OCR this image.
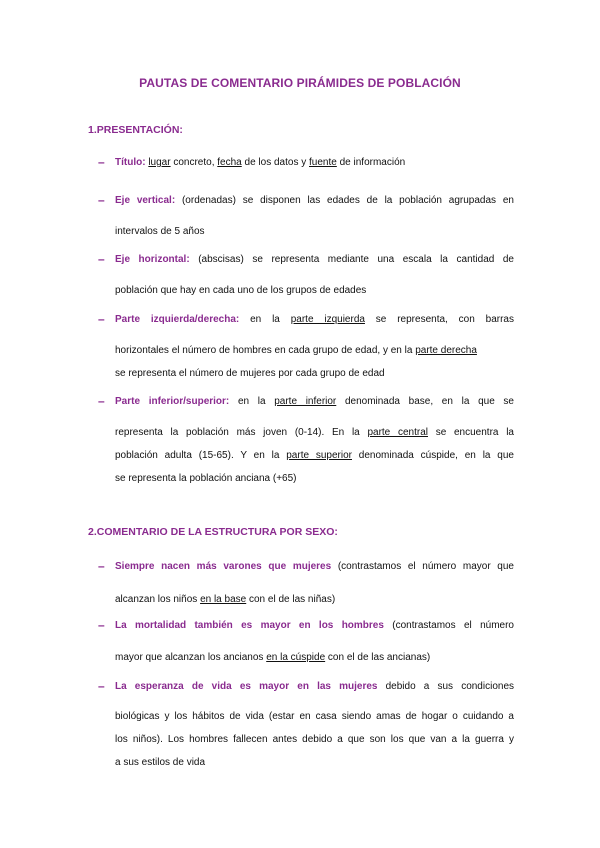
PAUTAS DE COMENTARIO PIRÁMIDES DE POBLACIÓN
1.PRESENTACIÓN:
– Título: lugar concreto, fecha de los datos y fuente de información
– Eje vertical: (ordenadas) se disponen las edades de la población agrupadas en
intervalos de 5 años
– Eje horizontal: (abscisas) se representa mediante una escala la cantidad de
población que hay en cada uno de los grupos de edades
– Parte izquierda/derecha: en la parte izquierda se representa, con barras
horizontales el número de hombres en cada grupo de edad, y en la parte derecha
se representa el número de mujeres por cada grupo de edad
– Parte inferior/superior: en la parte inferior denominada base, en la que se
representa la población más joven (0-14). En la parte central se encuentra la
población adulta (15-65). Y en la parte superior denominada cúspide, en la que
se representa la población anciana (+65)
2.COMENTARIO DE LA ESTRUCTURA POR SEXO:
– Siempre nacen más varones que mujeres (contrastamos el número mayor que
alcanzan los niños en la base con el de las niñas)
– La mortalidad también es mayor en los hombres (contrastamos el número
mayor que alcanzan los ancianos en la cúspide con el de las ancianas)
– La esperanza de vida es mayor en las mujeres debido a sus condiciones
biológicas y los hábitos de vida (estar en casa siendo amas de hogar o cuidando a
los niños). Los hombres fallecen antes debido a que son los que van a la guerra y
a sus estilos de vida
